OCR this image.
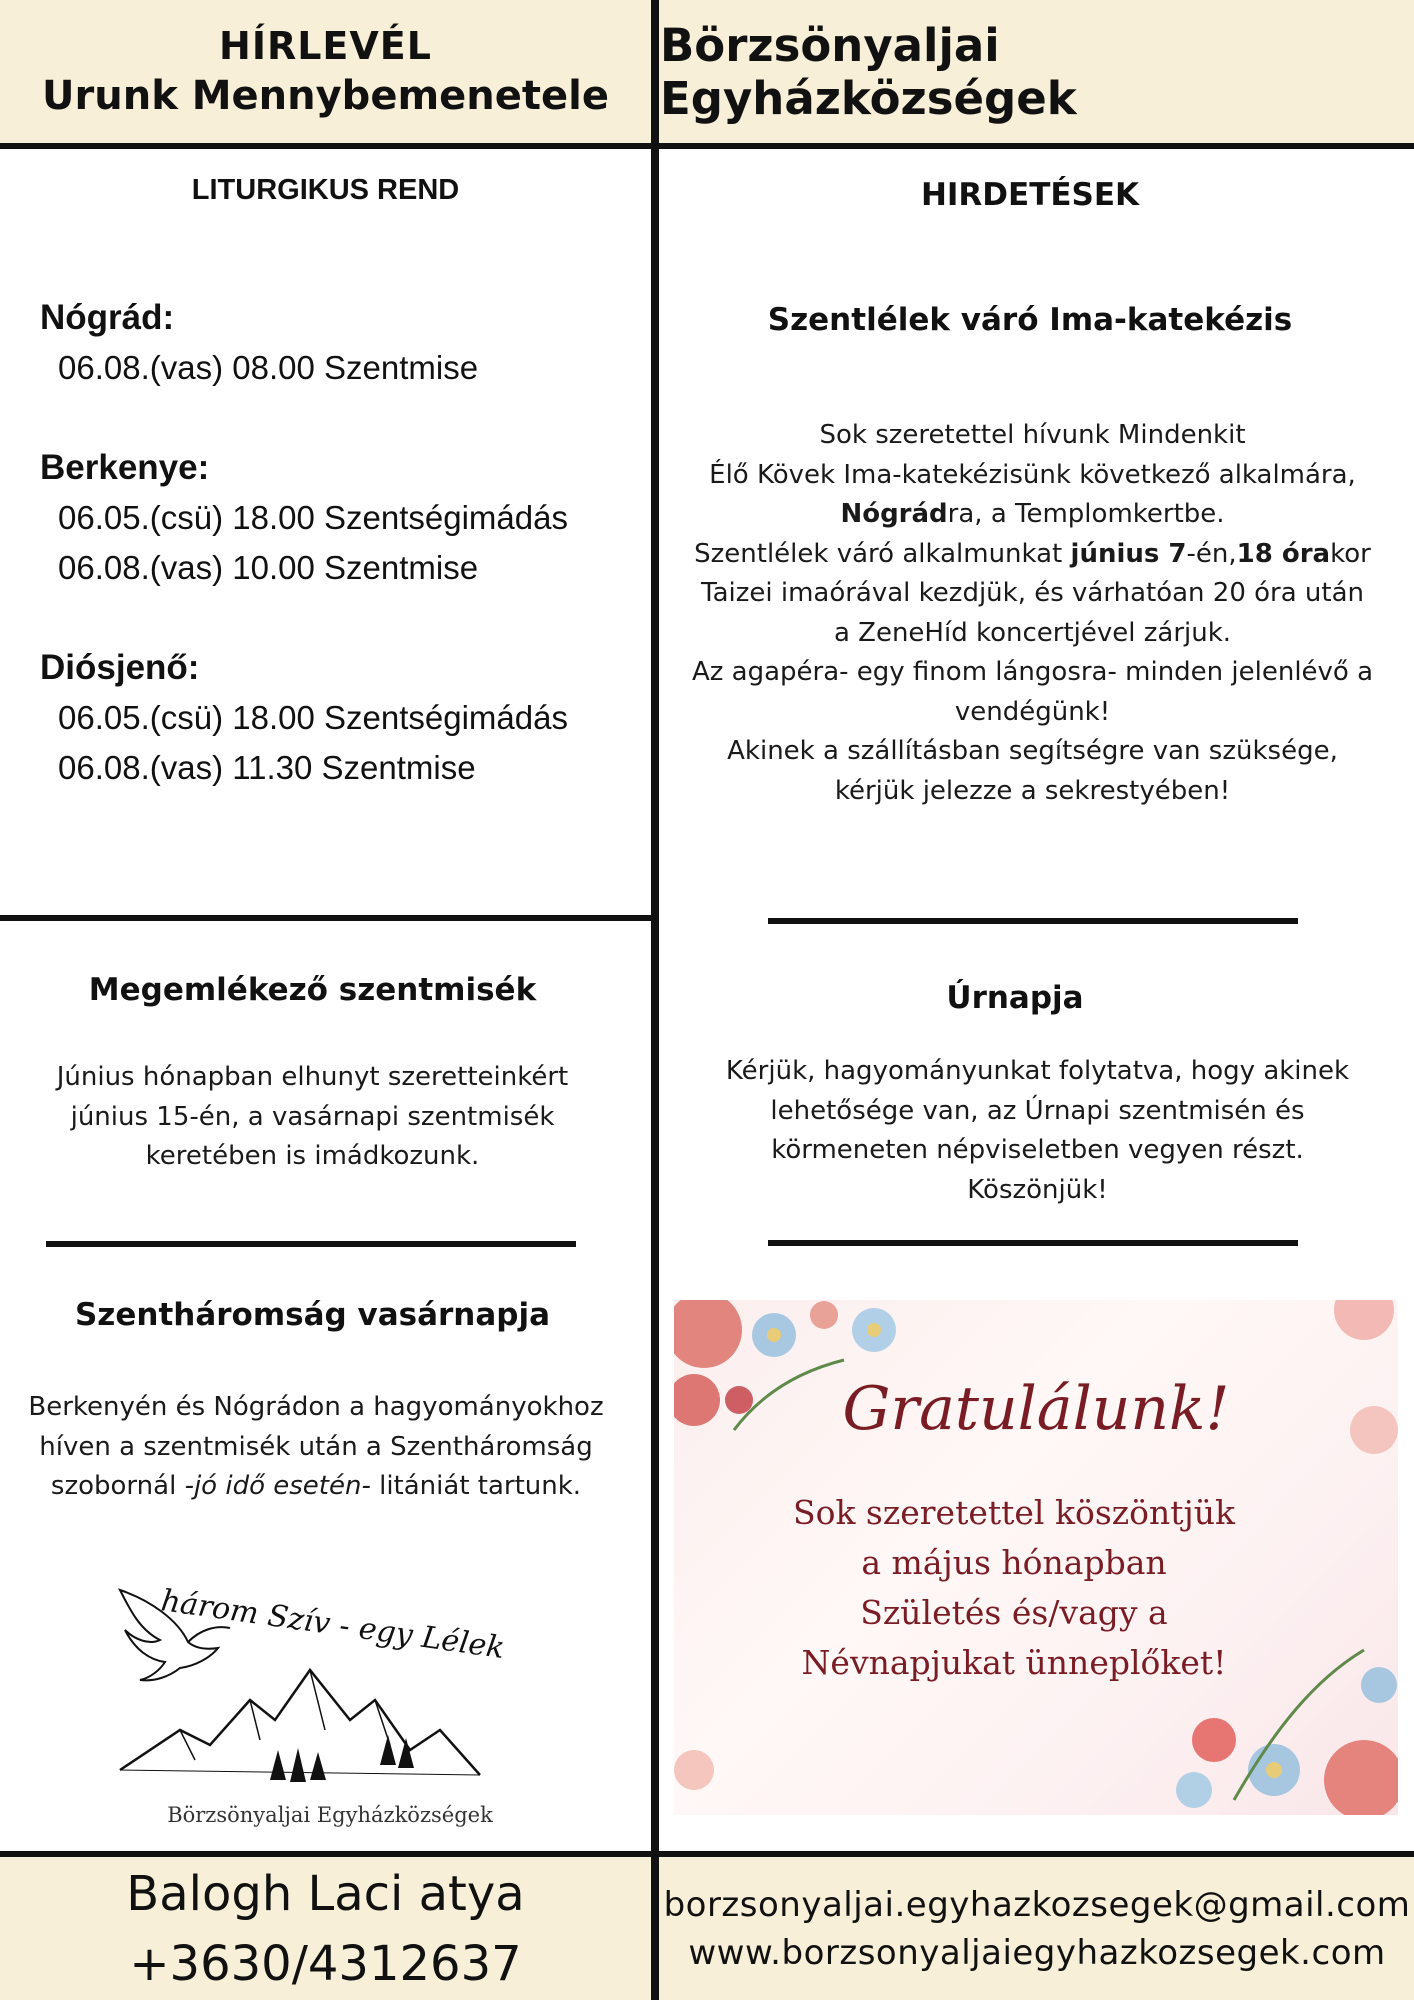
HÍRLEVÉL
Urunk Mennybemenetele
Börzsönyaljai Egyházközségek
LITURGIKUS REND
Nógrád:
06.08.(vas) 08.00 Szentmise
Berkenye:
06.05.(csü) 18.00 Szentségimádás
06.08.(vas) 10.00 Szentmise
Diósjenő:
06.05.(csü) 18.00 Szentségimádás
06.08.(vas) 11.30 Szentmise
HIRDETÉSEK
Szentlélek váró Ima-katekézis
Sok szeretettel hívunk Mindenkit
Élő Kövek Ima-katekézisünk következő alkalmára,
Nógrádra, a Templomkertbe.
Szentlélek váró alkalmunkat június 7-én,18 órakor
Taizei imaórával kezdjük, és várhatóan 20 óra után
a ZeneHíd koncertjével zárjuk.
Az agapéra- egy finom lángosra- minden jelenlévő a
vendégünk!
Akinek a szállításban segítségre van szüksége,
kérjük jelezze a sekrestyében!
Úrnapja
Kérjük, hagyományunkat folytatva, hogy akinek
lehetősége van, az Úrnapi szentmisén és
körmeneten népviseletben vegyen részt.
Köszönjük!
Megemlékező szentmisék
Június hónapban elhunyt szeretteinkért
június 15-én, a vasárnapi szentmisék
keretében is imádkozunk.
Szentháromság vasárnapja
Berkenyén és Nógrádon a hagyományokhoz
híven a szentmisék után a Szentháromság
szobornál -jó idő esetén- litániát tartunk.
három Szív - egy Lélek
Börzsönyaljai Egyházközségek
Gratulálunk!
Sok szeretettel köszöntjük
a május hónapban
Születés és/vagy a
Névnapjukat ünneplőket!
Balogh Laci atya
+3630/4312637
borzsonyaljai.egyhazkozsegek@gmail.com
www.borzsonyaljaiegyhazkozsegek.com
